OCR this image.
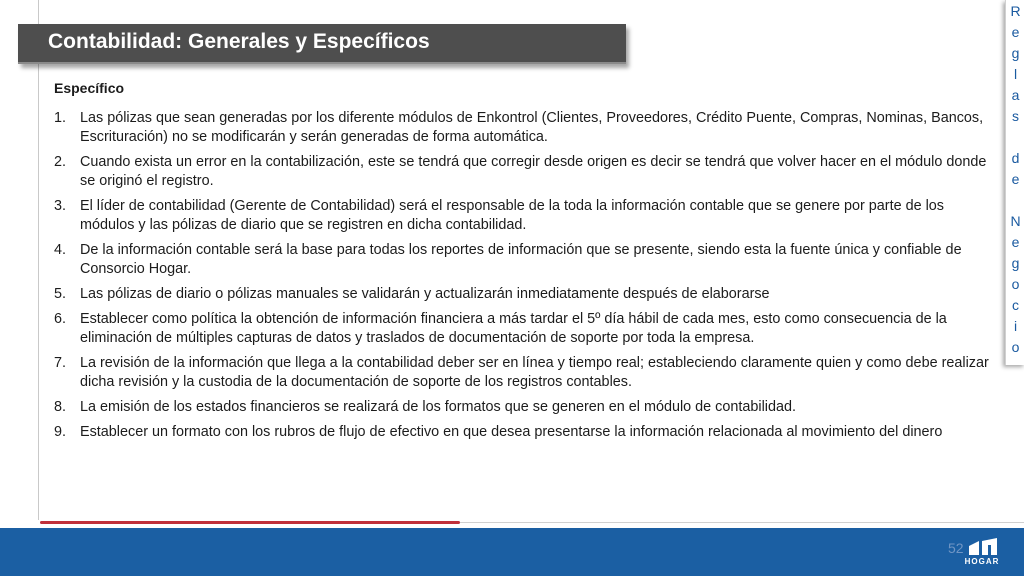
Contabilidad: Generales y Específicos
R
e
g
l
a
s
d
e
N
e
g
o
c
i
o
Específico
1. Las pólizas que sean generadas por los diferente módulos de Enkontrol (Clientes, Proveedores, Crédito Puente, Compras, Nominas, Bancos, Escrituración) no se modificarán y serán generadas de forma automática.
2. Cuando exista un error en la contabilización, este se tendrá que corregir desde origen es decir se tendrá que volver hacer en el módulo donde se originó el registro.
3. El líder de contabilidad (Gerente de Contabilidad) será el responsable de la toda la información contable que se genere por parte de los módulos y las pólizas de diario que se registren en dicha contabilidad.
4. De la información contable será la base para todas los reportes de información que se presente, siendo esta la fuente única y confiable de Consorcio Hogar.
5. Las pólizas de diario o pólizas manuales se validarán y actualizarán inmediatamente después de elaborarse
6. Establecer como política la obtención de información financiera a más tardar el 5º día hábil de cada mes, esto como consecuencia de la eliminación de múltiples capturas de datos y traslados de documentación de soporte por toda la empresa.
7. La revisión de la información que llega a la contabilidad deber ser en línea y tiempo real; estableciendo claramente quien y como debe realizar dicha revisión y la custodia de la documentación de soporte de los registros contables.
8. La emisión de los estados financieros se realizará de los formatos que se generen en el módulo de contabilidad.
9. Establecer un formato con los rubros de flujo de efectivo en que desea presentarse la información relacionada al movimiento del dinero
52
HOGAR
